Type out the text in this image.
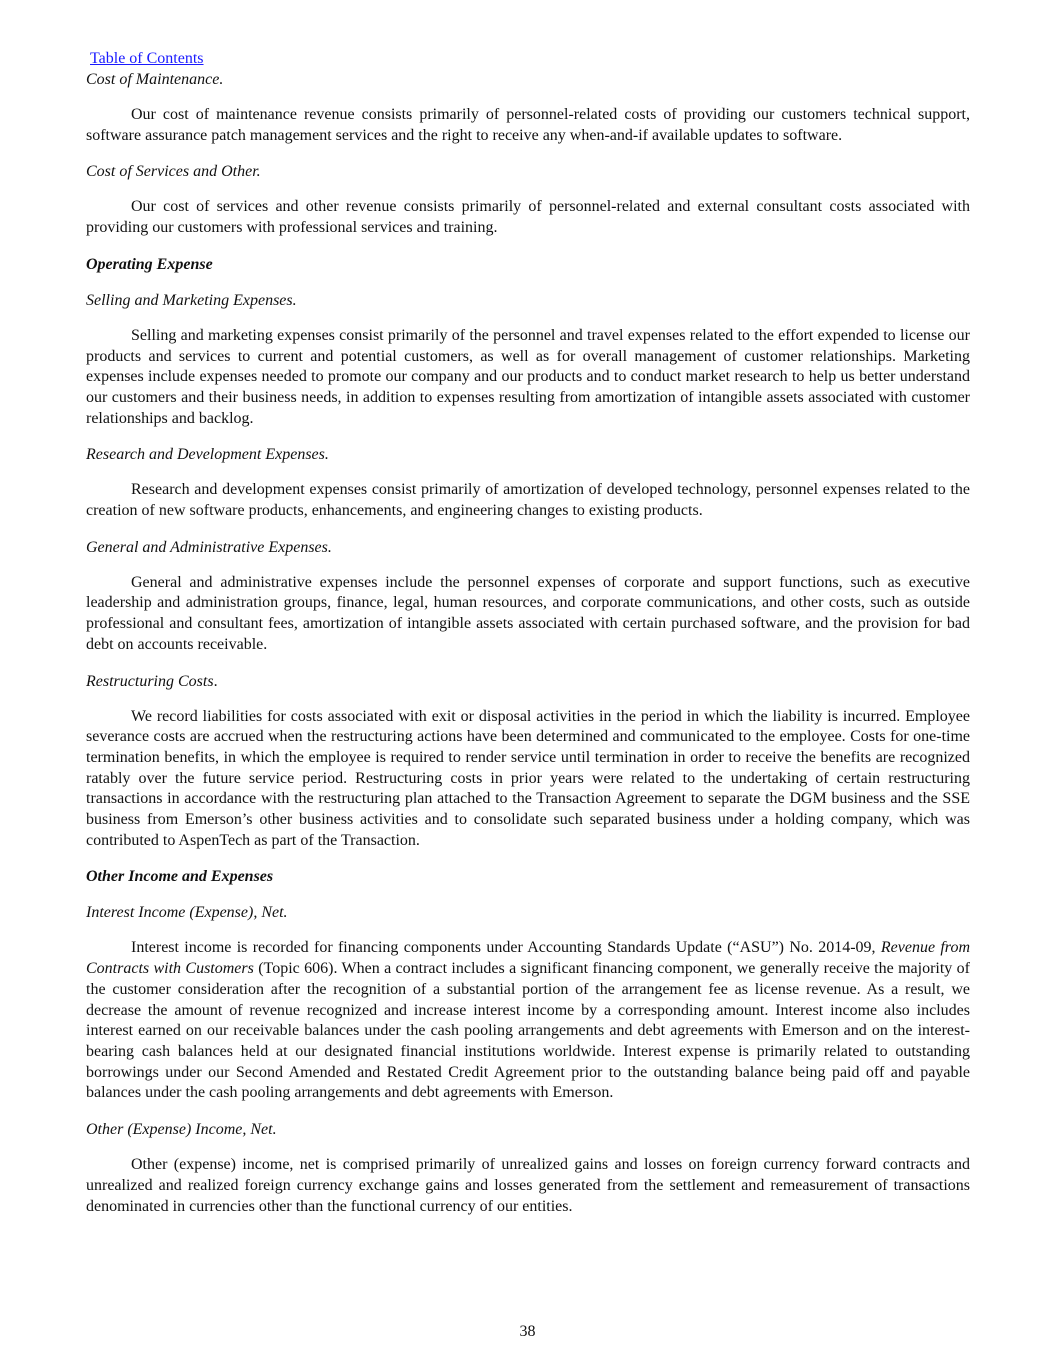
Table of Contents
Cost of Maintenance.

Our cost of maintenance revenue consists primarily of personnel-related costs of providing our customers technical support, software assurance patch management services and the right to receive any when-and-if available updates to software.

Cost of Services and Other.

Our cost of services and other revenue consists primarily of personnel-related and external consultant costs associated with providing our customers with professional services and training.

Operating Expense
Selling and Marketing Expenses.

Selling and marketing expenses consist primarily of the personnel and travel expenses related to the effort expended to license our products and services to current and potential customers, as well as for overall management of customer relationships. Marketing expenses include expenses needed to promote our company and our products and to conduct market research to help us better understand our customers and their business needs, in addition to expenses resulting from amortization of intangible assets associated with customer relationships and backlog.

Research and Development Expenses.

Research and development expenses consist primarily of amortization of developed technology, personnel expenses related to the creation of new software products, enhancements, and engineering changes to existing products.

General and Administrative Expenses.

General and administrative expenses include the personnel expenses of corporate and support functions, such as executive leadership and administration groups, finance, legal, human resources, and corporate communications, and other costs, such as outside professional and consultant fees, amortization of intangible assets associated with certain purchased software, and the provision for bad debt on accounts receivable.

Restructuring Costs.

We record liabilities for costs associated with exit or disposal activities in the period in which the liability is incurred. Employee severance costs are accrued when the restructuring actions have been determined and communicated to the employee. Costs for one-time termination benefits, in which the employee is required to render service until termination in order to receive the benefits are recognized ratably over the future service period. Restructuring costs in prior years were related to the undertaking of certain restructuring transactions in accordance with the restructuring plan attached to the Transaction Agreement to separate the DGM business and the SSE business from Emerson’s other business activities and to consolidate such separated business under a holding company, which was contributed to AspenTech as part of the Transaction.

Other Income and Expenses
Interest Income (Expense), Net.

Interest income is recorded for financing components under Accounting Standards Update (“ASU”) No. 2014-09, Revenue from Contracts with Customers (Topic 606). When a contract includes a significant financing component, we generally receive the majority of the customer consideration after the recognition of a substantial portion of the arrangement fee as license revenue. As a result, we decrease the amount of revenue recognized and increase interest income by a corresponding amount. Interest income also includes interest earned on our receivable balances under the cash pooling arrangements and debt agreements with Emerson and on the interest-bearing cash balances held at our designated financial institutions worldwide. Interest expense is primarily related to outstanding borrowings under our Second Amended and Restated Credit Agreement prior to the outstanding balance being paid off and payable balances under the cash pooling arrangements and debt agreements with Emerson.

Other (Expense) Income, Net.

Other (expense) income, net is comprised primarily of unrealized gains and losses on foreign currency forward contracts and unrealized and realized foreign currency exchange gains and losses generated from the settlement and remeasurement of transactions denominated in currencies other than the functional currency of our entities.

38
